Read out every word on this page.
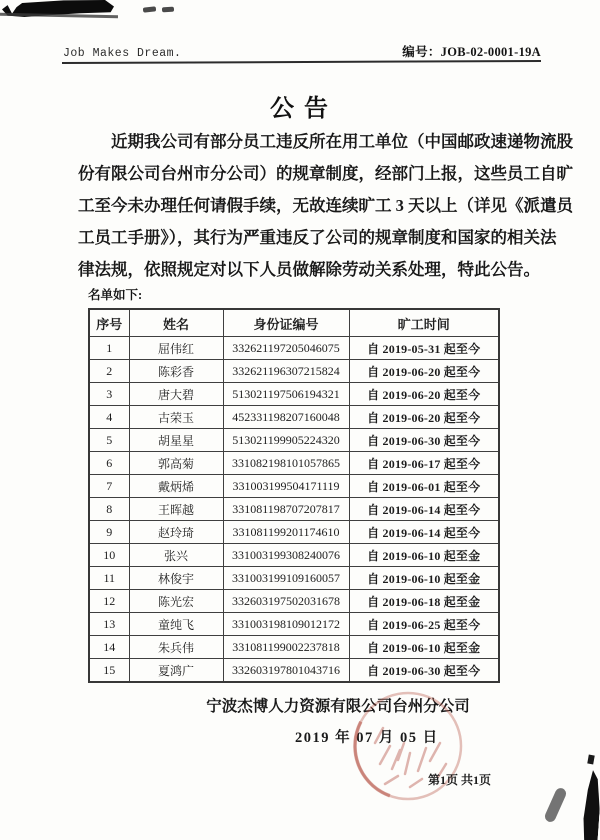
Job Makes Dream.	编号：JOB-02-0001-19A
公 告
近期我公司有部分员工违反所在用工单位（中国邮政速递物流股
份有限公司台州市分公司）的规章制度，经部门上报，这些员工自旷
工至今未办理任何请假手续，无故连续旷工 3 天以上（详见《派遣员
工员工手册》），其行为严重违反了公司的规章制度和国家的相关法
律法规，依照规定对以下人员做解除劳动关系处理，特此公告。
名单如下:
序号	姓名	身份证编号	旷工时间
1	屈伟红	332621197205046075	自 2019-05-31 起至今
2	陈彩香	332621196307215824	自 2019-06-20 起至今
3	唐大碧	513021197506194321	自 2019-06-20 起至今
4	古荣玉	452331198207160048	自 2019-06-20 起至今
5	胡星星	513021199905224320	自 2019-06-30 起至今
6	郭高菊	331082198101057865	自 2019-06-17 起至今
7	戴炳烯	331003199504171119	自 2019-06-01 起至今
8	王晖越	331081198707207817	自 2019-06-14 起至今
9	赵玲琦	331081199201174610	自 2019-06-14 起至今
10	张兴	331003199308240076	自 2019-06-10 起至金
11	林俊宇	331003199109160057	自 2019-06-10 起至金
12	陈光宏	332603197502031678	自 2019-06-18 起至金
13	童纯飞	331003198109012172	自 2019-06-25 起至今
14	朱兵伟	331081199002237818	自 2019-06-10 起至金
15	夏鸿广	332603197801043716	自 2019-06-30 起至今
宁波杰博人力资源有限公司台州分公司
2019 年 07 月 05 日
第1页 共1页
